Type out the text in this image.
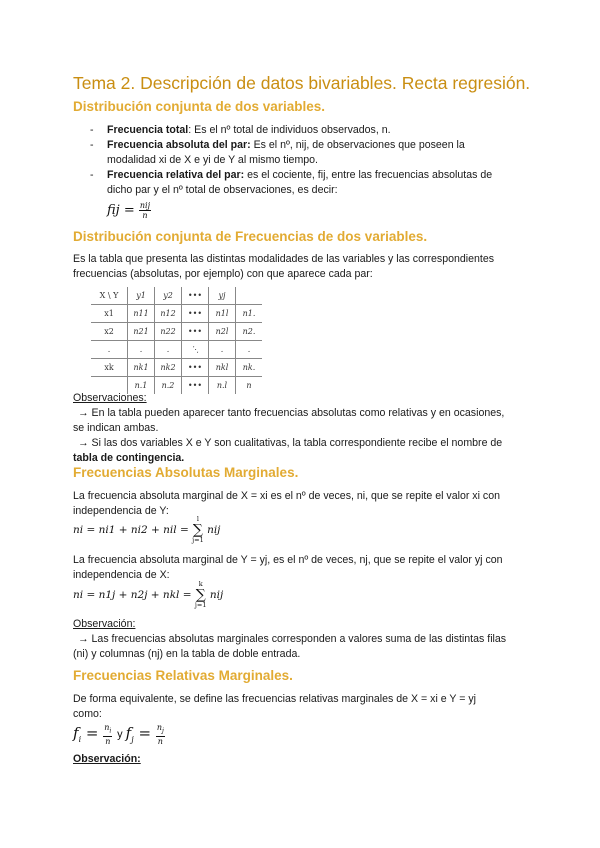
Tema 2. Descripción de datos bivariables. Recta regresión.
Distribución conjunta de dos variables.
- Frecuencia total: Es el nº total de individuos observados, n.
- Frecuencia absoluta del par: Es el nº, nij, de observaciones que poseen la
modalidad xi de X e yi de Y al mismo tiempo.
- Frecuencia relativa del par: es el cociente, fij, entre las frecuencias absolutas de
dicho par y el nº total de observaciones, es decir:
fij = $\frac{\text{nij}}{n}$
Distribución conjunta de Frecuencias de dos variables.
Es la tabla que presenta las distintas modalidades de las variables y las correspondientes
frecuencias (absolutas, por ejemplo) con que aparece cada par:
X \ Y	y1	y2	•••	yj	
x1	n11	n12	•••	n1l	n1.
x2	n21	n22	•••	n2l	n2.
.	.	.	⋱	.	.
xk	nk1	nk2	•••	nkl	nk.
	n.1	n.2	•••	n.l	n
Observaciones:
→ En la tabla pueden aparecer tanto frecuencias absolutas como relativas y en ocasiones,
se indican ambas.
→ Si las dos variables X e Y son cualitativas, la tabla correspondiente recibe el nombre de
tabla de contingencia.
Frecuencias Absolutas Marginales.
La frecuencia absoluta marginal de X = xi es el nº de veces, ni, que se repite el valor xi con
independencia de Y:
ni = ni1 + ni2 + nil = l
∑
j=1 nij
La frecuencia absoluta marginal de Y = yj, es el nº de veces, nj, que se repite el valor yj con
independencia de X:
ni = n1j + n2j + nkl = k
∑
j=1 nij
Observación:
→ Las frecuencias absolutas marginales corresponden a valores suma de las distintas filas
(ni) y columnas (nj) en la tabla de doble entrada.
Frecuencias Relativas Marginales.
De forma equivalente, se define las frecuencias relativas marginales de X = xi e Y = yj
como:
$f_i = \frac{n_i}{n}$ y $f_j = \frac{n_j}{n}$
Observación:
